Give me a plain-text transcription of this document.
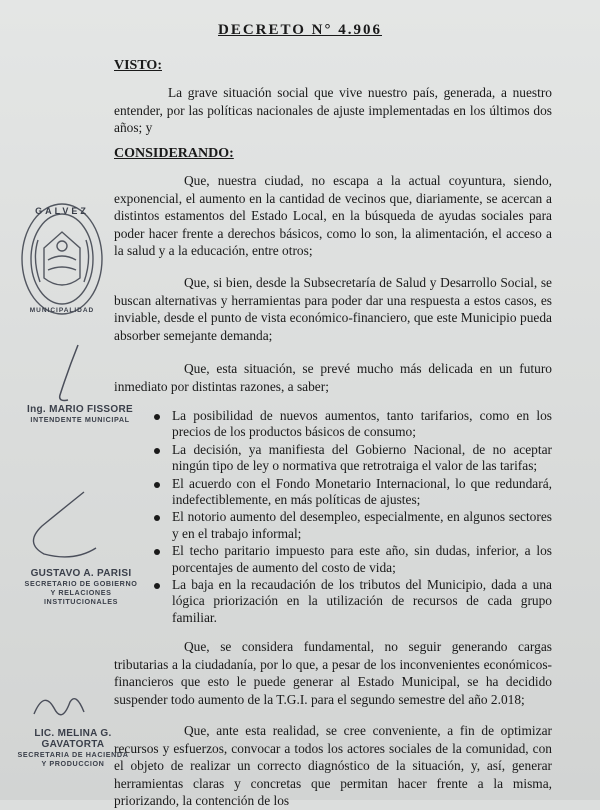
DECRETO N° 4.906
VISTO:

La grave situación social que vive nuestro país, generada, a nuestro entender, por las políticas nacionales de ajuste implementadas en los últimos dos años; y

CONSIDERANDO:

Que, nuestra ciudad, no escapa a la actual coyuntura, siendo, exponencial, el aumento en la cantidad de vecinos que, diariamente, se acercan a distintos estamentos del Estado Local, en la búsqueda de ayudas sociales para poder hacer frente a derechos básicos, como lo son, la alimentación, el acceso a la salud y a la educación, entre otros;

Que, si bien, desde la Subsecretaría de Salud y Desarrollo Social, se buscan alternativas y herramientas para poder dar una respuesta a estos casos, es inviable, desde el punto de vista económico-financiero, que este Municipio pueda absorber semejante demanda;

Que, esta situación, se prevé mucho más delicada en un futuro inmediato por distintas razones, a saber;

La posibilidad de nuevos aumentos, tanto tarifarios, como en los precios de los productos básicos de consumo;
La decisión, ya manifiesta del Gobierno Nacional, de no aceptar ningún tipo de ley o normativa que retrotraiga el valor de las tarifas;
El acuerdo con el Fondo Monetario Internacional, lo que redundará, indefectiblemente, en más políticas de ajustes;
El notorio aumento del desempleo, especialmente, en algunos sectores y en el trabajo informal;
El techo paritario impuesto para este año, sin dudas, inferior, a los porcentajes de aumento del costo de vida;
La baja en la recaudación de los tributos del Municipio, dada a una lógica priorización en la utilización de recursos de cada grupo familiar.

Que, se considera fundamental, no seguir generando cargas tributarias a la ciudadanía, por lo que, a pesar de los inconvenientes económicos-financieros que esto le puede generar al Estado Municipal, se ha decidido suspender todo aumento de la T.G.I. para el segundo semestre del año 2.018;

Que, ante esta realidad, se cree conveniente, a fin de optimizar recursos y esfuerzos, convocar a todos los actores sociales de la comunidad, con el objeto de realizar un correcto diagnóstico de la situación, y, así, generar herramientas claras y concretas que permitan hacer frente a la misma, priorizando, la contención de los

GALVEZ
MUNICIPALIDAD
Ing. MARIO FISSORE
INTENDENTE MUNICIPAL
GUSTAVO A. PARISI
SECRETARIO DE GOBIERNO
Y RELACIONES
INSTITUCIONALES
LIC. MELINA G. GAVATORTA
SECRETARIA DE HACIENDA
Y PRODUCCION
